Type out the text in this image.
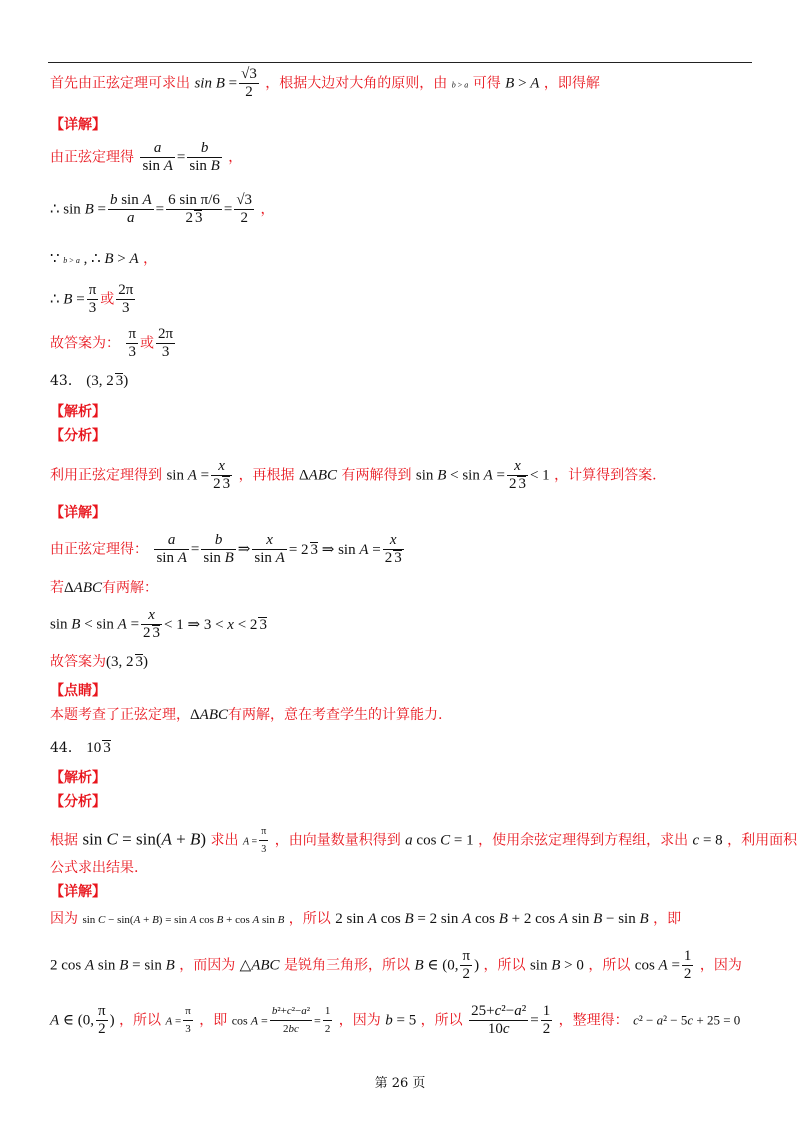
首先由正弦定理可求出 $\sin B = \frac{√3}{2}$ ，根据大边对大角的原则，由 b > a 可得 B > A ，即得解
【详解】
由正弦定理得 $\frac{a}{\text{sin A}} = \frac{b}{\text{sin B}}$ ，
∴ $\sin B = \frac{\text{b sin A}}{a} = \frac{\text{6 sin π/6}}{2 3} = \frac{√3}{2}$ ，
∵ b > a , ∴ B > A ，
∴ $B = \frac{\pi}{3}$ 或 $\frac{2\pi}{3}$
故答案为： $\frac{\pi}{3}$ 或 $\frac{2\pi}{3}$
43． (3, 2 3)
【解析】
【分析】
利用正弦定理得到 $\sin A = \frac{x}{2 3}$ ，再根据 ΔABC 有两解得到 $\sin B < \sin A = \frac{x}{2 3} < 1$ ，计算得到答案.
【详解】
由正弦定理得： $\frac{a}{\text{sin A}} = \frac{b}{\text{sin B}}$ ⇒ $\frac{x}{\text{sin A}} = 2$ 3 ⇒ $\sin A = \frac{x}{2 3}$
若ΔABC有两解：
$\sin B < \sin A = \frac{x}{2 3} < 1$ ⇒ 3 < x < 2 3
故答案为(3, 2 3)
【点睛】
本题考查了正弦定理，ΔABC有两解，意在考查学生的计算能力.
44． 10 3
【解析】
【分析】
根据 sin C = sin(A + B) 求出 $A = \frac{\pi}{3}$ ，由向量数量积得到 a cos C = 1 ，使用余弦定理得到方程组，求出 c = 8 ，利用面积
公式求出结果.
【详解】
因为 sin C − sin(A + B) = sin A cos B + cos A sin B ，所以 2 sin A cos B = 2 sin A cos B + 2 cos A sin B − sin B ，即
2 cos A sin B = sin B ，而因为 △ABC 是锐角三角形，所以 B ∈ (0, $\frac{\pi}{2}$ ) ，所以 sin B > 0 ，所以 $\cos A = \frac{1}{2}$ ，因为
A ∈ (0, $\frac{\pi}{2}$ ) ，所以 $A = \frac{\pi}{3}$ ，即 $\cos A = \frac{\text{b²+c²−a²}}{2bc} = \frac{1}{2}$ ，因为 b = 5 ，所以 $\frac{\text{25+c²−a²}}{10c} = \frac{1}{2}$ ，整理得： c² − a² − 5c + 25 = 0
第 26 页
